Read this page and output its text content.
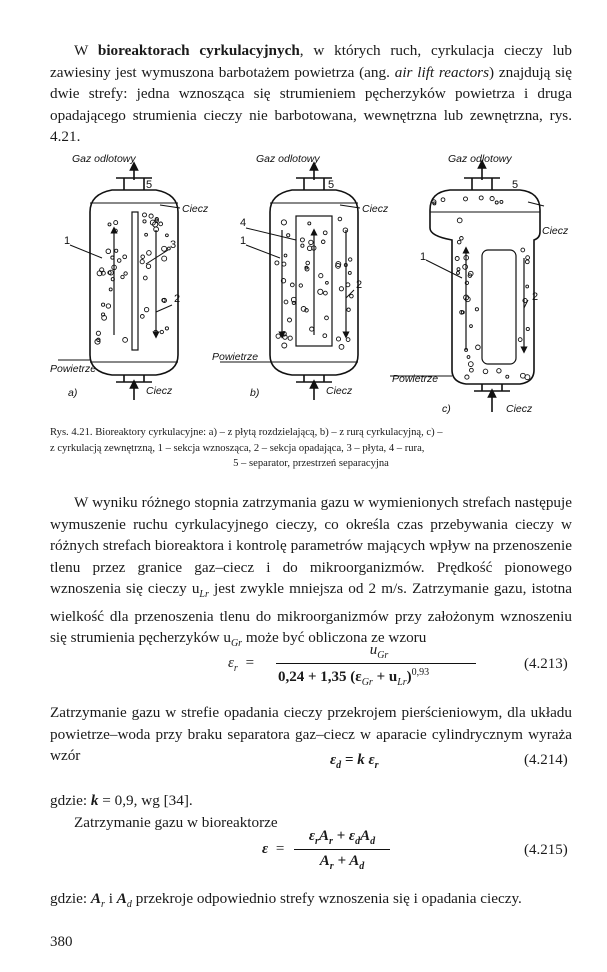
W bioreaktorach cyrkulacyjnych, w których ruch, cyrkulacja cieczy lub zawiesiny jest wymuszona barbotażem powietrza (ang. air lift reactors) znajdują się dwie strefy: jedna wznosząca się strumieniem pęcherzyków powietrza i druga opadającego strumienia cieczy nie barbotowana, wewnętrzna lub zewnętrzna, rys. 4.21.

Gaz odlotowy	Gaz odlotowy	Gaz odlotowy
Ciecz	Ciecz
Ciecz
Ciecz	Ciecz
Ciecz
Powietrze
Powietrze
Powietrze
a)	b)
c)
1	3
2
5
1
4
2
5
1
2
5
Rys. 4.21. Bioreaktory cyrkulacyjne: a) – z płytą rozdzielającą, b) – z rurą cyrkulacyjną, c) –
z cyrkulacją zewnętrzną, 1 – sekcja wznosząca, 2 – sekcja opadająca, 3 – płyta, 4 – rura,
5 – separator, przestrzeń separacyjna

W wyniku różnego stopnia zatrzymania gazu w wymienionych strefach następuje wymuszenie ruchu cyrkulacyjnego cieczy, co określa czas przebywania cieczy w różnych strefach bioreaktora i kontrolę parametrów mających wpływ na przenoszenie tlenu przez granice gaz–ciecz i do mikroorganizmów. Prędkość pionowego wznoszenia się cieczy $u_{Lr}$ jest zwykle mniejsza od 2 m/s. Zatrzymanie gazu, istotna wielkość dla przenoszenia tlenu do mikroorganizmów przy założonym wznoszeniu się strumienia pęcherzyków $u_{Gr}$ może być obliczona ze wzoru

$\varepsilon_r$ =
$u_{Gr}$
0,24 + 1,35 $(\varepsilon_{Gr} + u_{Lr})^{0,93}$
(4.213)
Zatrzymanie gazu w strefie opadania cieczy przekrojem pierścieniowym, dla układu powietrze–woda przy braku separatora gaz–ciecz w aparacie cylindrycznym wyraża wzór	$\varepsilon_d = k$ $\varepsilon_r$	(4.214)
gdzie: k = 0,9, wg [34].

Zatrzymanie gazu w bioreaktorze

ε =
$\varepsilon_rA_r + \varepsilon_dA_d$
$A_r + A_d$
(4.215)
gdzie: $A_r$ i $A_d$ przekroje odpowiednio strefy wznoszenia się i opadania cieczy.
380
